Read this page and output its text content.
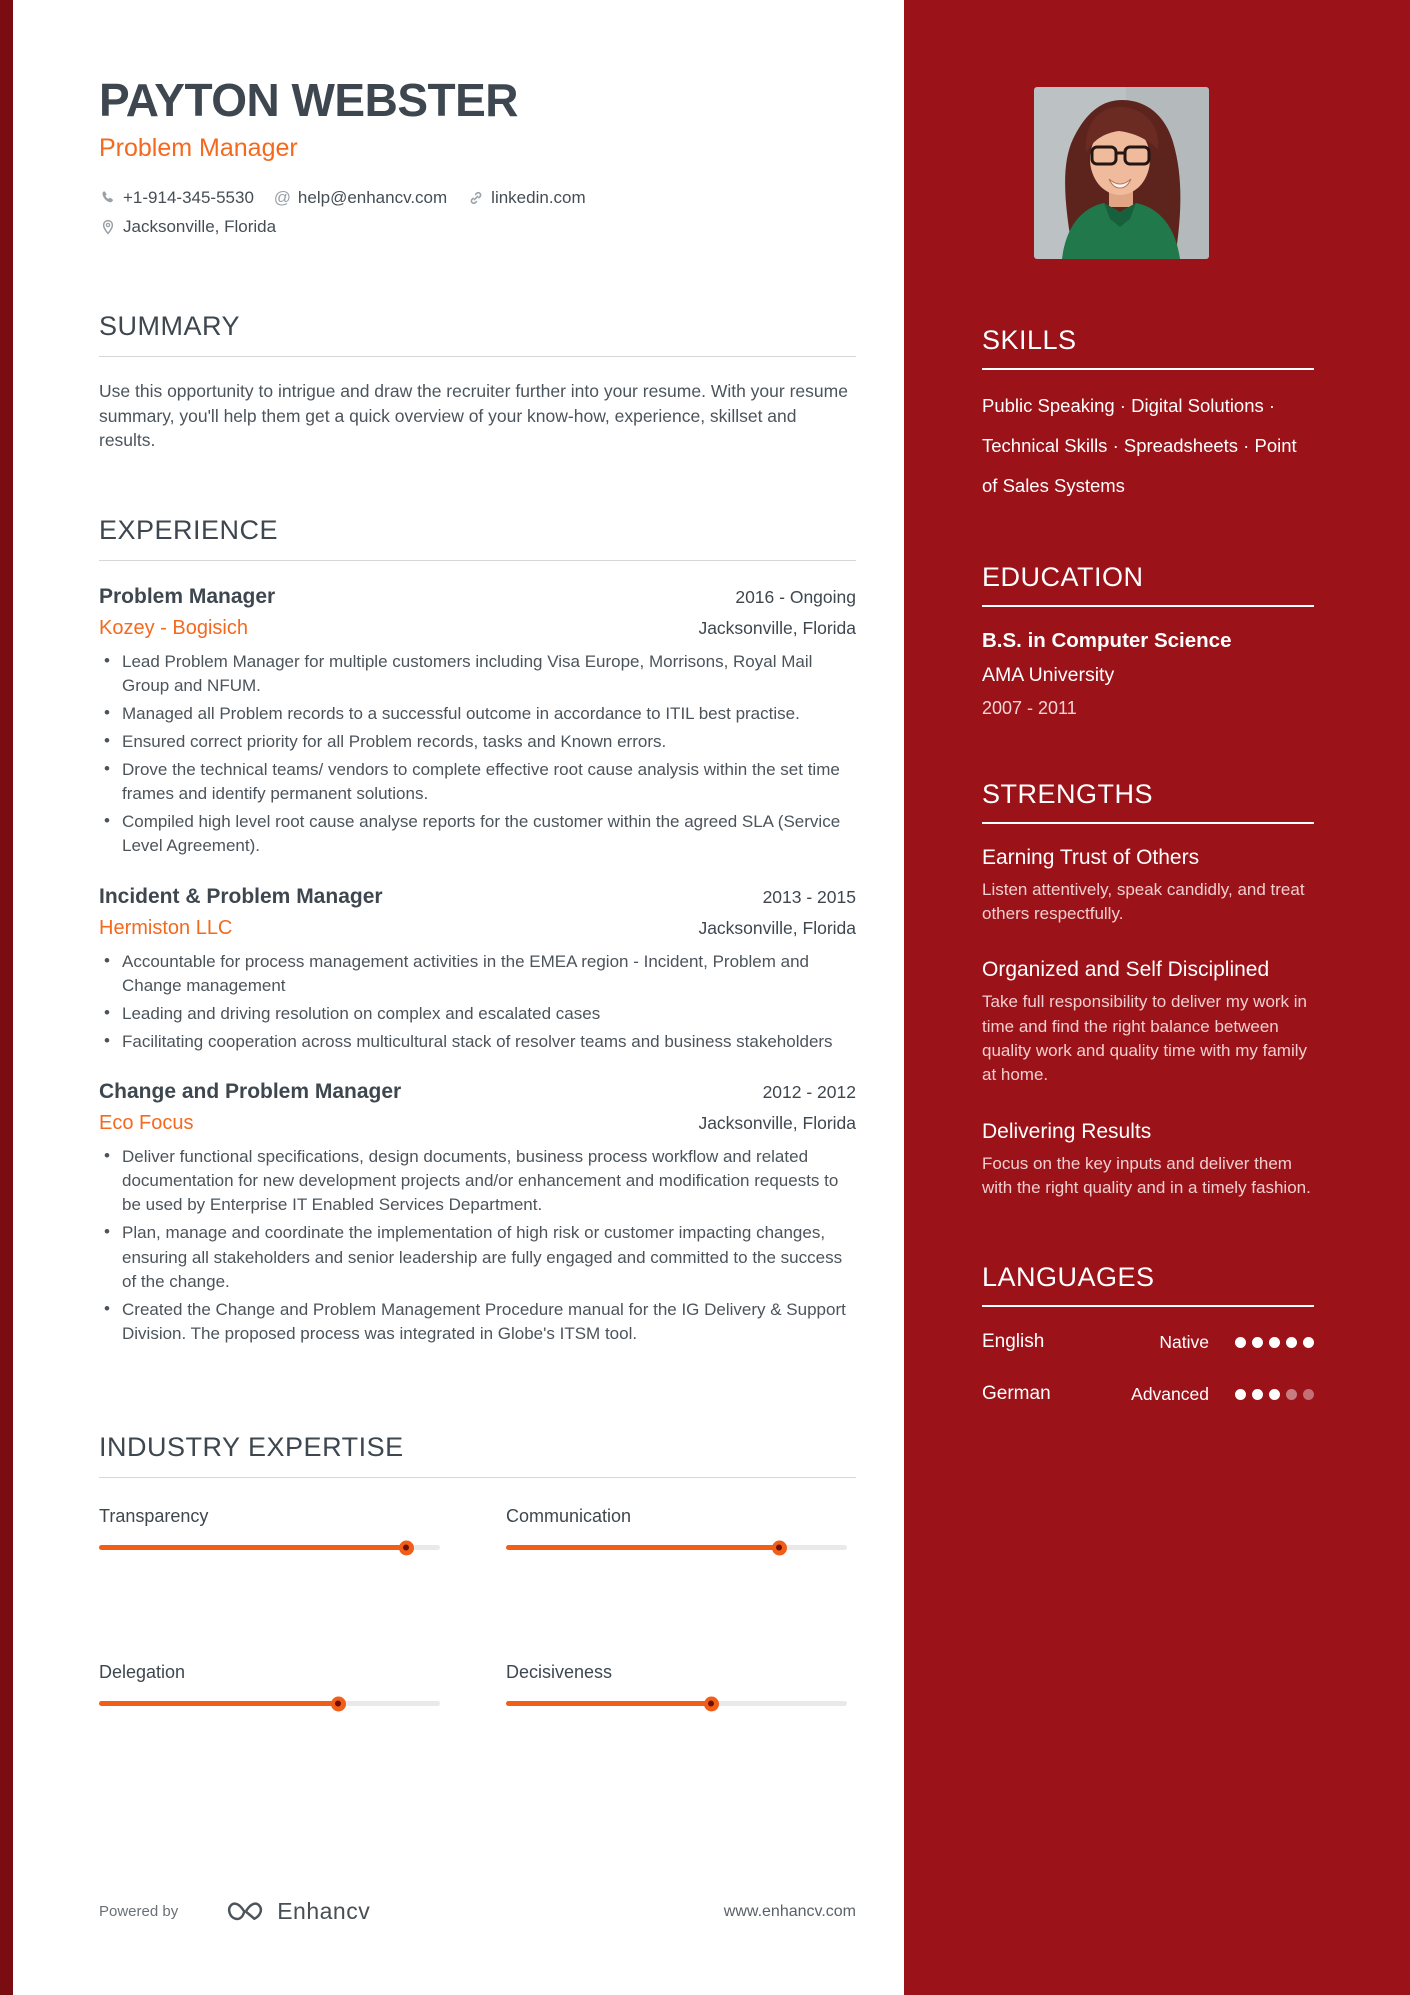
SKILLS

Public Speaking · Digital Solutions · Technical Skills · Spreadsheets · Point of Sales Systems

EDUCATION
B.S. in Computer Science
AMA University
2007 - 2011
STRENGTHS
Earning Trust of Others
Listen attentively, speak candidly, and treat others respectfully.
Organized and Self Disciplined
Take full responsibility to deliver my work in time and find the right balance between quality work and quality time with my family at home.
Delivering Results
Focus on the key inputs and deliver them with the right quality and in a timely fashion.
LANGUAGES
English	Native
German	Advanced
PAYTON WEBSTER
Problem Manager
+1-914-345-5530 @ help@enhancv.com	linkedin.com
Jacksonville, Florida
SUMMARY

Use this opportunity to intrigue and draw the recruiter further into your resume. With your resume summary, you'll help them get a quick overview of your know-how, experience, skillset and results.

EXPERIENCE
Problem Manager	2016 - Ongoing
Kozey - Bogisich	Jacksonville, Florida
• Lead Problem Manager for multiple customers including Visa Europe, Morrisons, Royal Mail Group and NFUM.
• Managed all Problem records to a successful outcome in accordance to ITIL best practise.
• Ensured correct priority for all Problem records, tasks and Known errors.
• Drove the technical teams/ vendors to complete effective root cause analysis within the set time frames and identify permanent solutions.
• Compiled high level root cause analyse reports for the customer within the agreed SLA (Service Level Agreement).
Incident & Problem Manager	2013 - 2015
Hermiston LLC	Jacksonville, Florida
• Accountable for process management activities in the EMEA region - Incident, Problem and Change management
• Leading and driving resolution on complex and escalated cases
• Facilitating cooperation across multicultural stack of resolver teams and business stakeholders
Change and Problem Manager	2012 - 2012
Eco Focus	Jacksonville, Florida
• Deliver functional specifications, design documents, business process workflow and related documentation for new development projects and/or enhancement and modification requests to be used by Enterprise IT Enabled Services Department.
• Plan, manage and coordinate the implementation of high risk or customer impacting changes, ensuring all stakeholders and senior leadership are fully engaged and committed to the success of the change.
• Created the Change and Problem Management Procedure manual for the IG Delivery & Support Division. The proposed process was integrated in Globe's ITSM tool.
INDUSTRY EXPERTISE
Transparency	Communication
Delegation	Decisiveness
Powered by	Enhancv	www.enhancv.com
